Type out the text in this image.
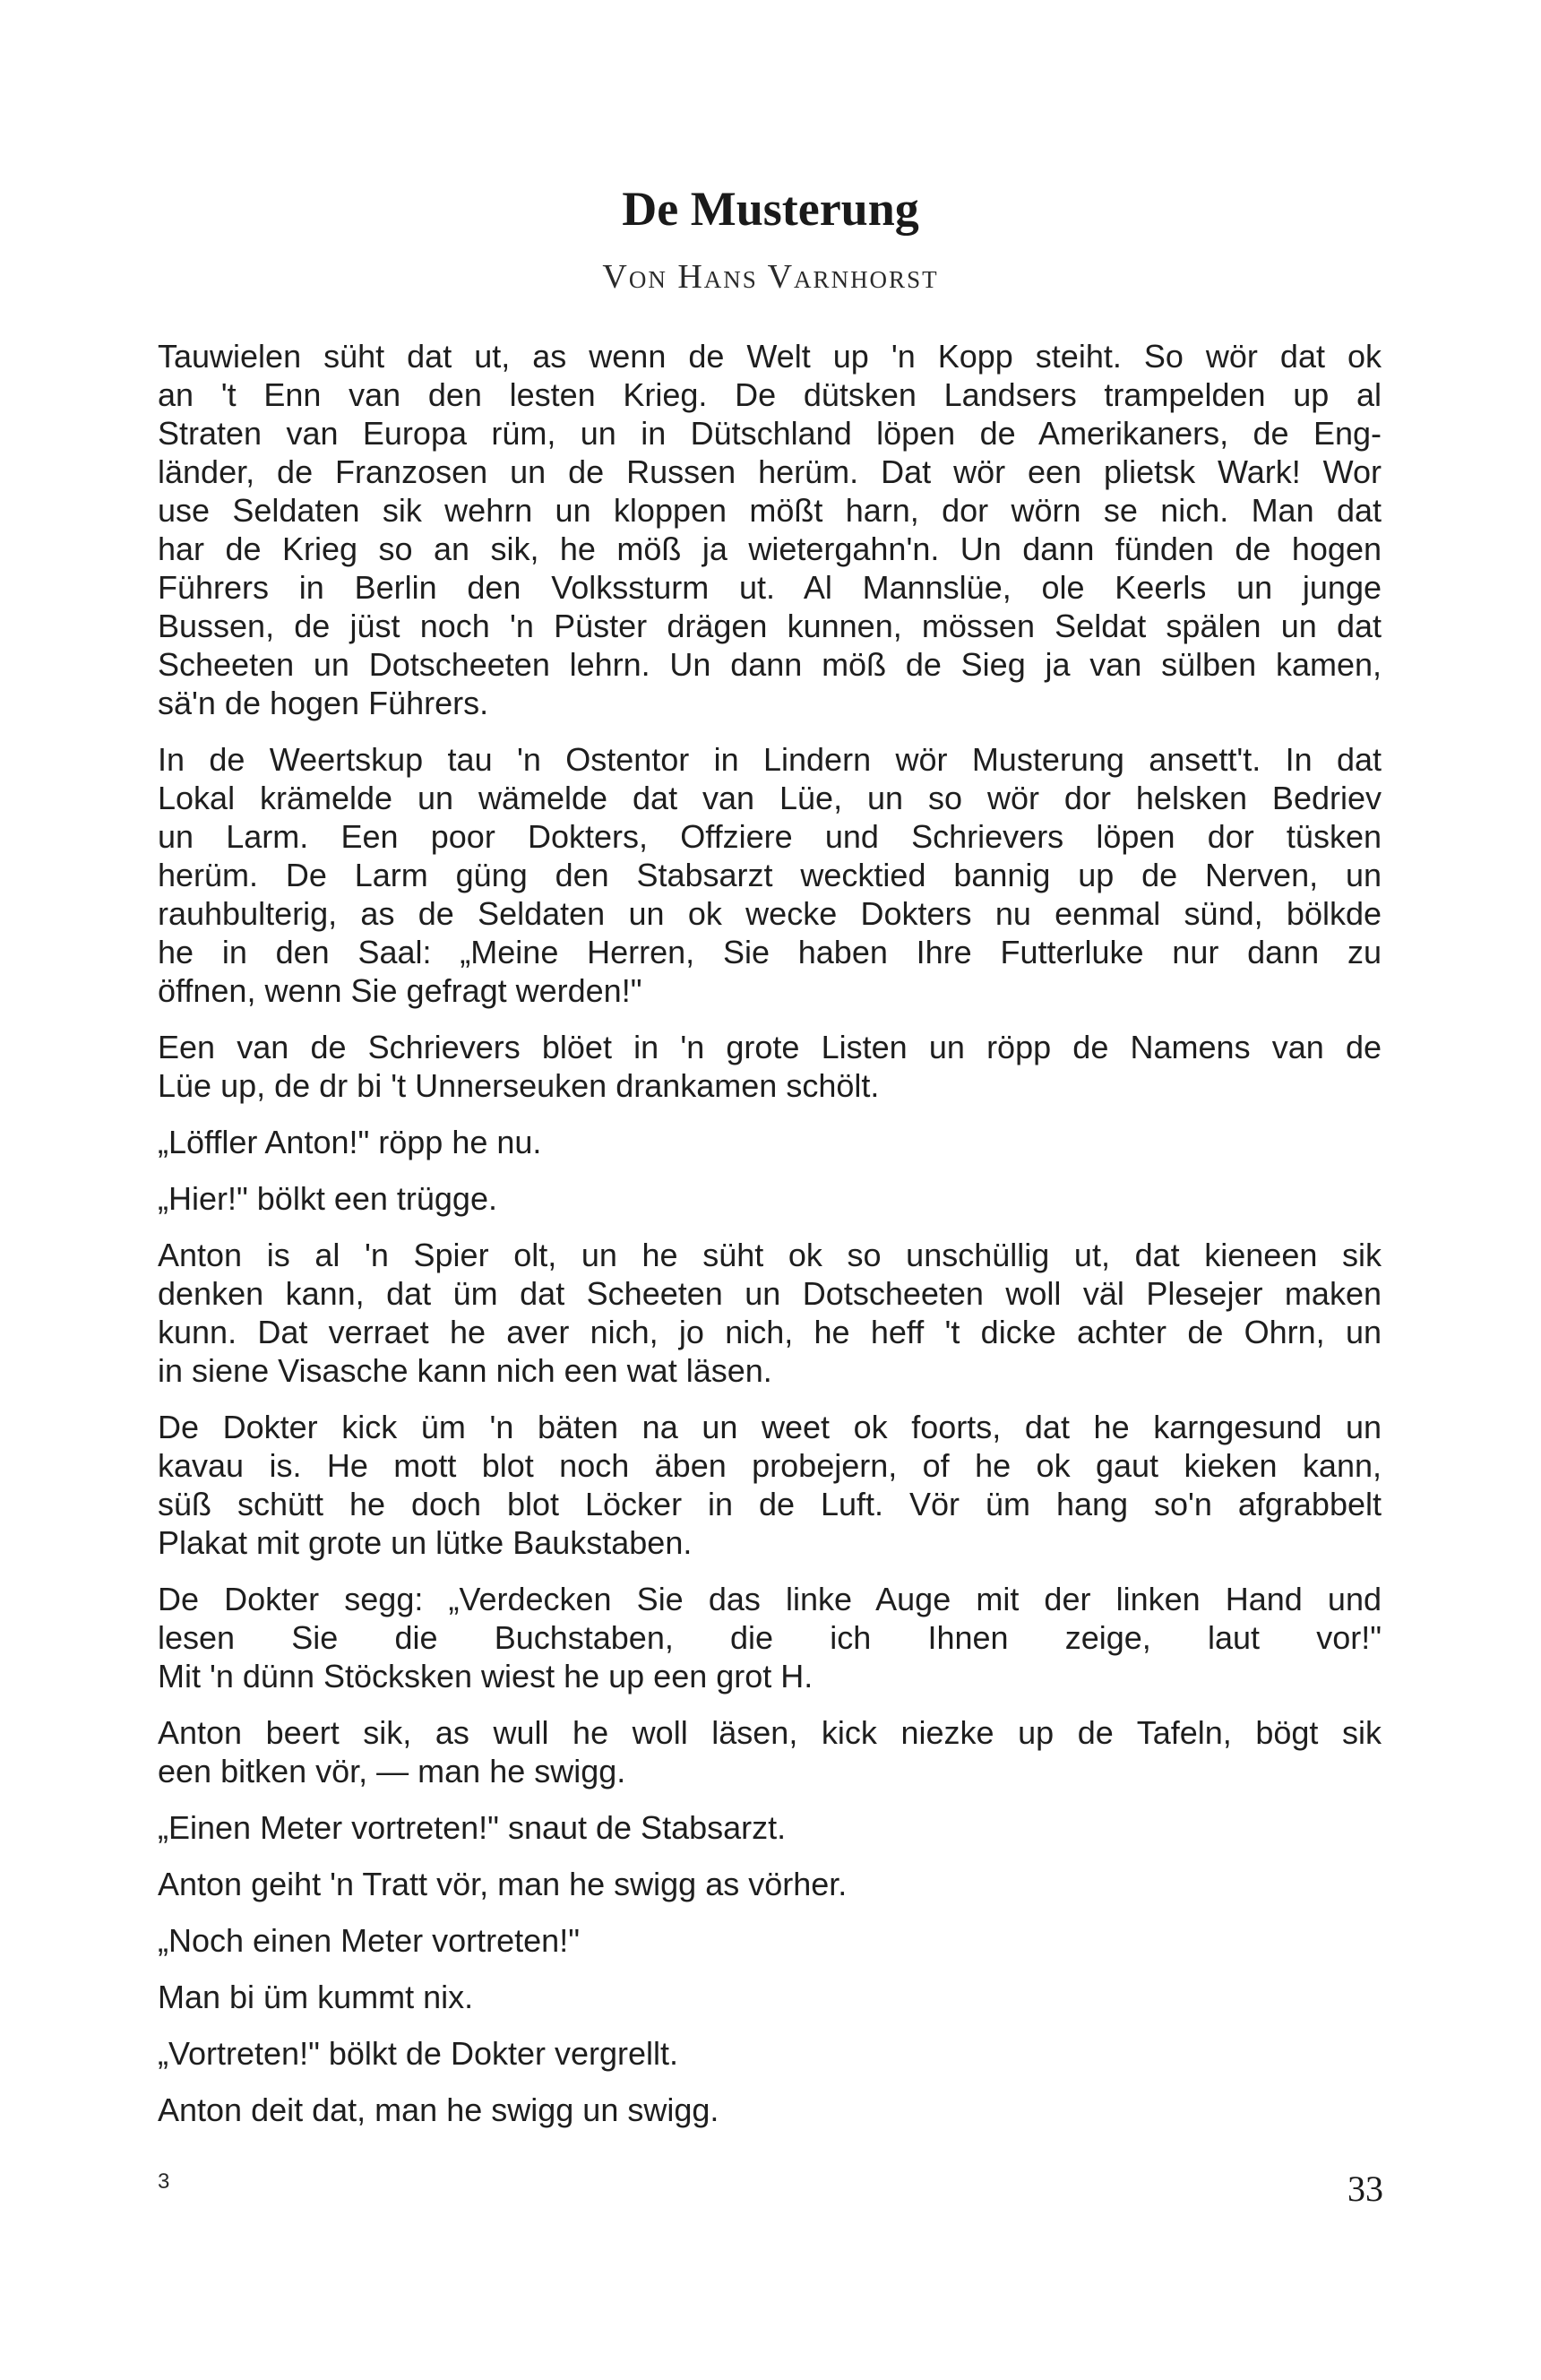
De Musterung
Von Hans Varnhorst
Tauwielen süht dat ut, as wenn de Welt up 'n Kopp steiht. So wör dat ok
an 't Enn van den lesten Krieg. De dütsken Landsers trampelden up al
Straten van Europa rüm, un in Dütschland löpen de Amerikaners, de Eng-
länder, de Franzosen un de Russen herüm. Dat wör een plietsk Wark! Wor
use Seldaten sik wehrn un kloppen mößt harn, dor wörn se nich. Man dat
har de Krieg so an sik, he möß ja wietergahn'n. Un dann fünden de hogen
Führers in Berlin den Volkssturm ut. Al Mannslüe, ole Keerls un junge
Bussen, de jüst noch 'n Püster drägen kunnen, mössen Seldat spälen un dat
Scheeten un Dotscheeten lehrn. Un dann möß de Sieg ja van sülben kamen,
sä'n de hogen Führers.
In de Weertskup tau 'n Ostentor in Lindern wör Musterung ansett't. In dat
Lokal krämelde un wämelde dat van Lüe, un so wör dor helsken Bedriev
un Larm. Een poor Dokters, Offziere und Schrievers löpen dor tüsken
herüm. De Larm güng den Stabsarzt wecktied bannig up de Nerven, un
rauhbulterig, as de Seldaten un ok wecke Dokters nu eenmal sünd, bölkde
he in den Saal: „Meine Herren, Sie haben Ihre Futterluke nur dann zu
öffnen, wenn Sie gefragt werden!"
Een van de Schrievers blöet in 'n grote Listen un röpp de Namens van de
Lüe up, de dr bi 't Unnerseuken drankamen schölt.
„Löffler Anton!" röpp he nu.
„Hier!" bölkt een trügge.
Anton is al 'n Spier olt, un he süht ok so unschüllig ut, dat kieneen sik
denken kann, dat üm dat Scheeten un Dotscheeten woll väl Plesejer maken
kunn. Dat verraet he aver nich, jo nich, he heff 't dicke achter de Ohrn, un
in siene Visasche kann nich een wat läsen.
De Dokter kick üm 'n bäten na un weet ok foorts, dat he karngesund un
kavau is. He mott blot noch äben probejern, of he ok gaut kieken kann,
süß schütt he doch blot Löcker in de Luft. Vör üm hang so'n afgrabbelt
Plakat mit grote un lütke Baukstaben.
De Dokter segg: „Verdecken Sie das linke Auge mit der linken Hand und
lesen Sie die Buchstaben, die ich Ihnen zeige, laut vor!"
Mit 'n dünn Stöcksken wiest he up een grot H.
Anton beert sik, as wull he woll läsen, kick niezke up de Tafeln, bögt sik
een bitken vör, — man he swigg.
„Einen Meter vortreten!" snaut de Stabsarzt.
Anton geiht 'n Tratt vör, man he swigg as vörher.
„Noch einen Meter vortreten!"
Man bi üm kummt nix.
„Vortreten!" bölkt de Dokter vergrellt.
Anton deit dat, man he swigg un swigg.
3	33
